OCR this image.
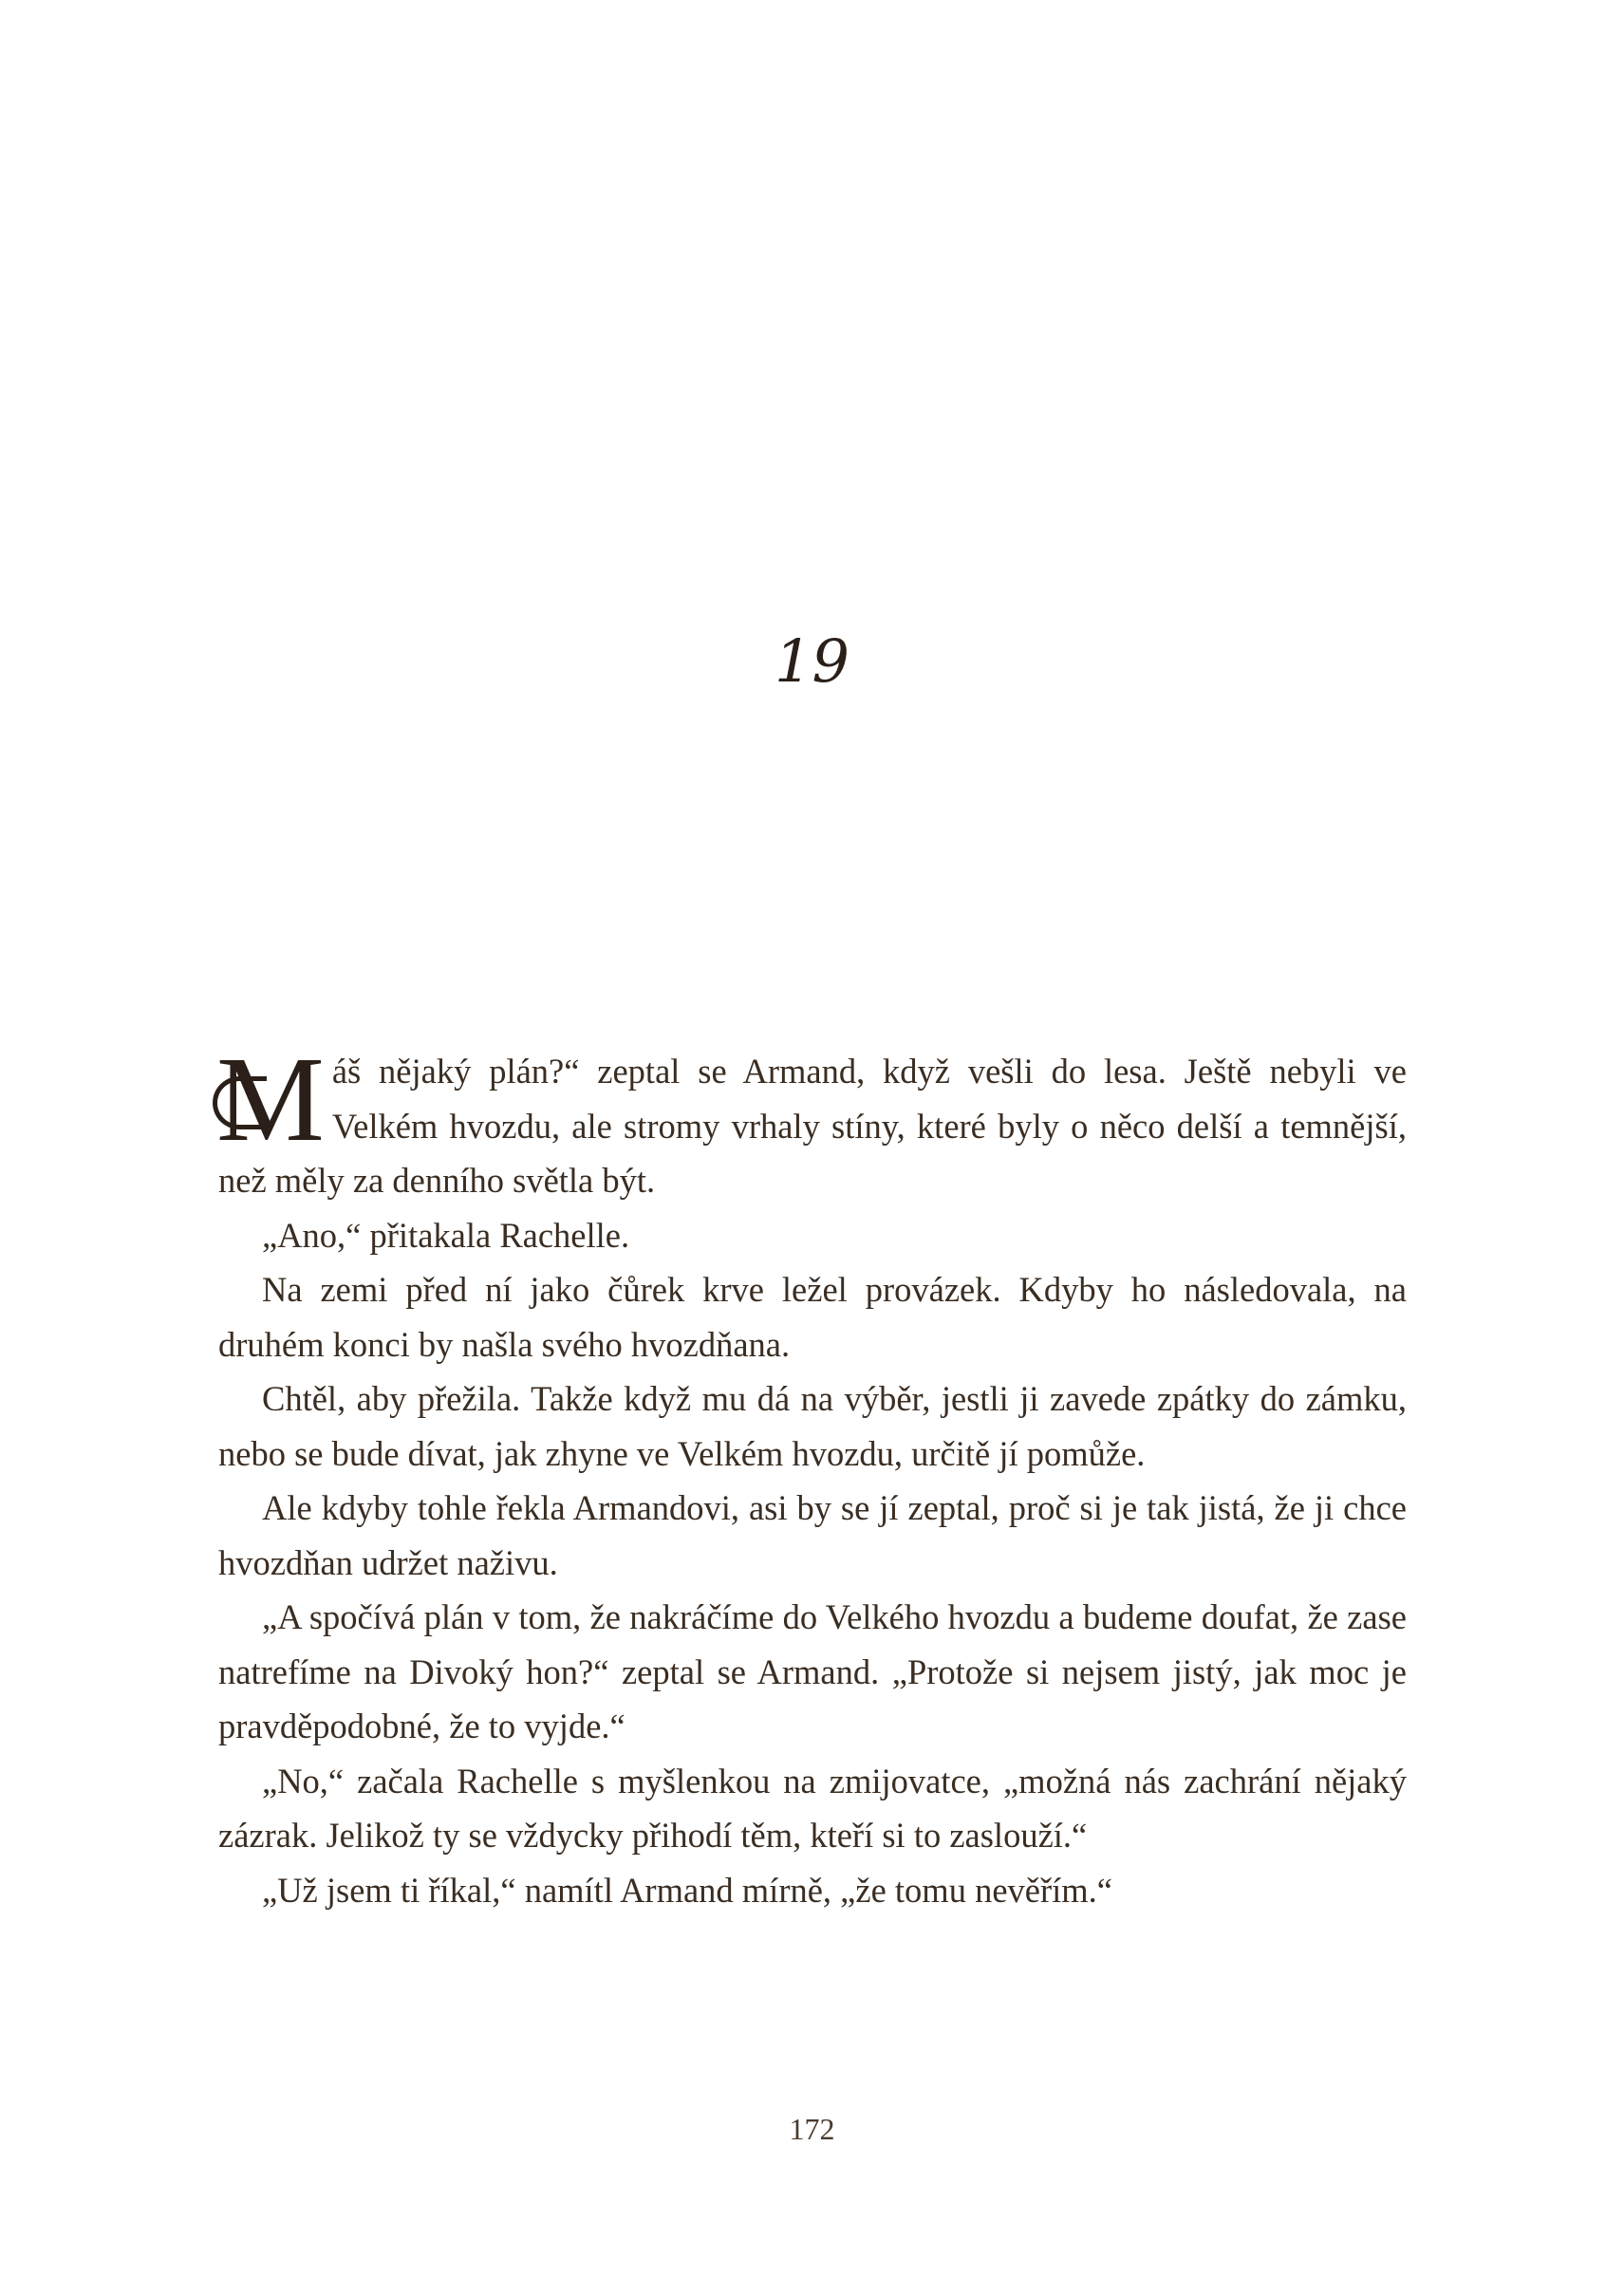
19

Máš nějaký plán?“ zeptal se Armand, když vešli do lesa. Ještě nebyli ve Velkém hvozdu, ale stromy vrhaly stíny, které byly o něco delší a temnější, než měly za denního světla být.

„Ano,“ přitakala Rachelle.

Na zemi před ní jako čůrek krve ležel provázek. Kdyby ho následovala, na druhém konci by našla svého hvozdňana.

Chtěl, aby přežila. Takže když mu dá na výběr, jestli ji zavede zpátky do zámku, nebo se bude dívat, jak zhyne ve Velkém hvozdu, určitě jí pomůže.

Ale kdyby tohle řekla Armandovi, asi by se jí zeptal, proč si je tak jistá, že ji chce hvozdňan udržet naživu.

„A spočívá plán v tom, že nakráčíme do Velkého hvozdu a budeme doufat, že zase natrefíme na Divoký hon?“ zeptal se Armand. „Protože si nejsem jistý, jak moc je pravděpodobné, že to vyjde.“

„No,“ začala Rachelle s myšlenkou na zmijovatce, „možná nás zachrání nějaký zázrak. Jelikož ty se vždycky přihodí těm, kteří si to zaslouží.“

„Už jsem ti říkal,“ namítl Armand mírně, „že tomu nevěřím.“

172
